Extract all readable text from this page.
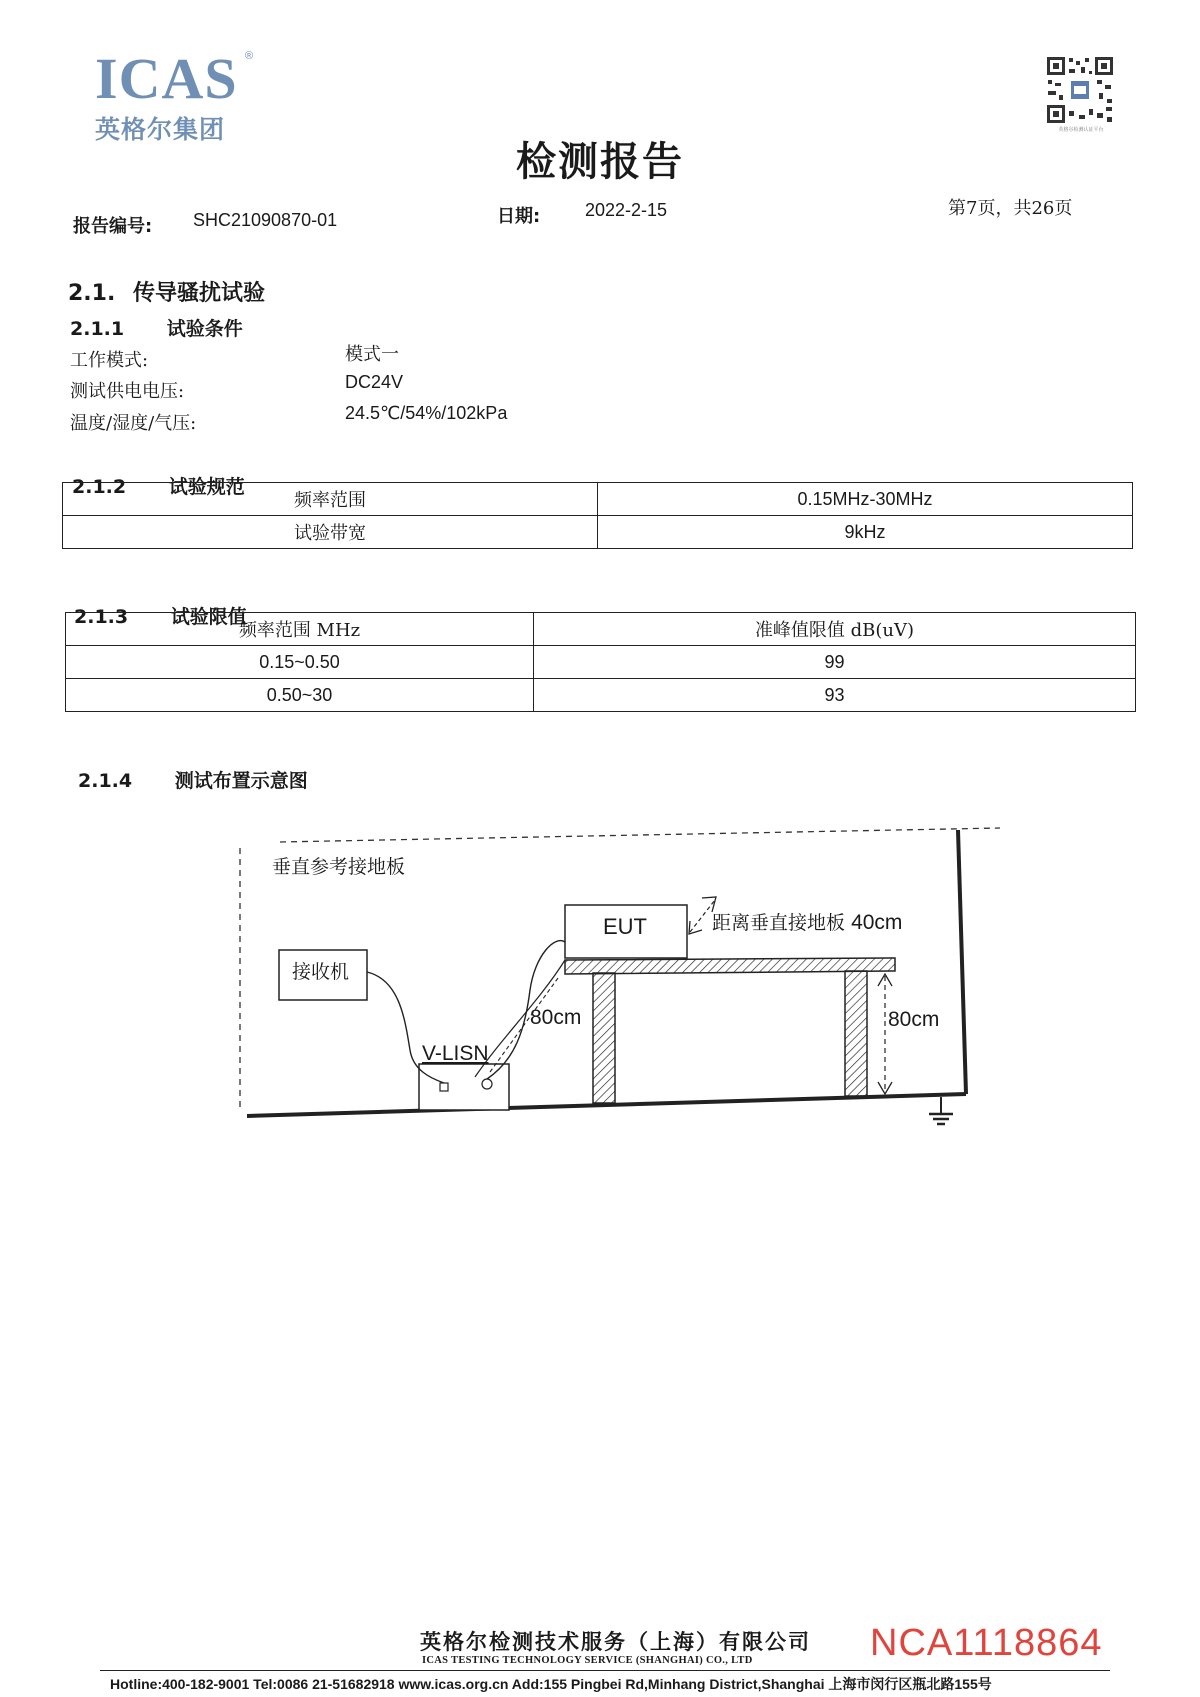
ICAS ®
英格尔集团	英格尔检测认证平台
检测报告
报告编号: SHC21090870-01	日期: 2022-2-15	第7页，共26页
2.1. 传导骚扰试验
2.1.1 试验条件
工作模式:	模式一
测试供电电压:	DC24V
温度/湿度/气压:	24.5℃/54%/102kPa
2.1.2 试验规范
频率范围	0.15MHz-30MHz
试验带宽	9kHz
2.1.3 试验限值
频率范围 MHz	准峰值限值 dB(uV)
0.15~0.50	99
0.50~30	93
2.1.4 测试布置示意图
垂直参考接地板
接收机
EUT	距离垂直接地板 40cm
V-LISN
80cm	80cm
英格尔检测技术服务（上海）有限公司
ICAS TESTING TECHNOLOGY SERVICE (SHANGHAI) CO., LTD
Hotline:400-182-9001 Tel:0086 21-51682918 www.icas.org.cn Add:155 Pingbei Rd,Minhang District,Shanghai 上海市闵行区瓶北路155号
NCA1118864
